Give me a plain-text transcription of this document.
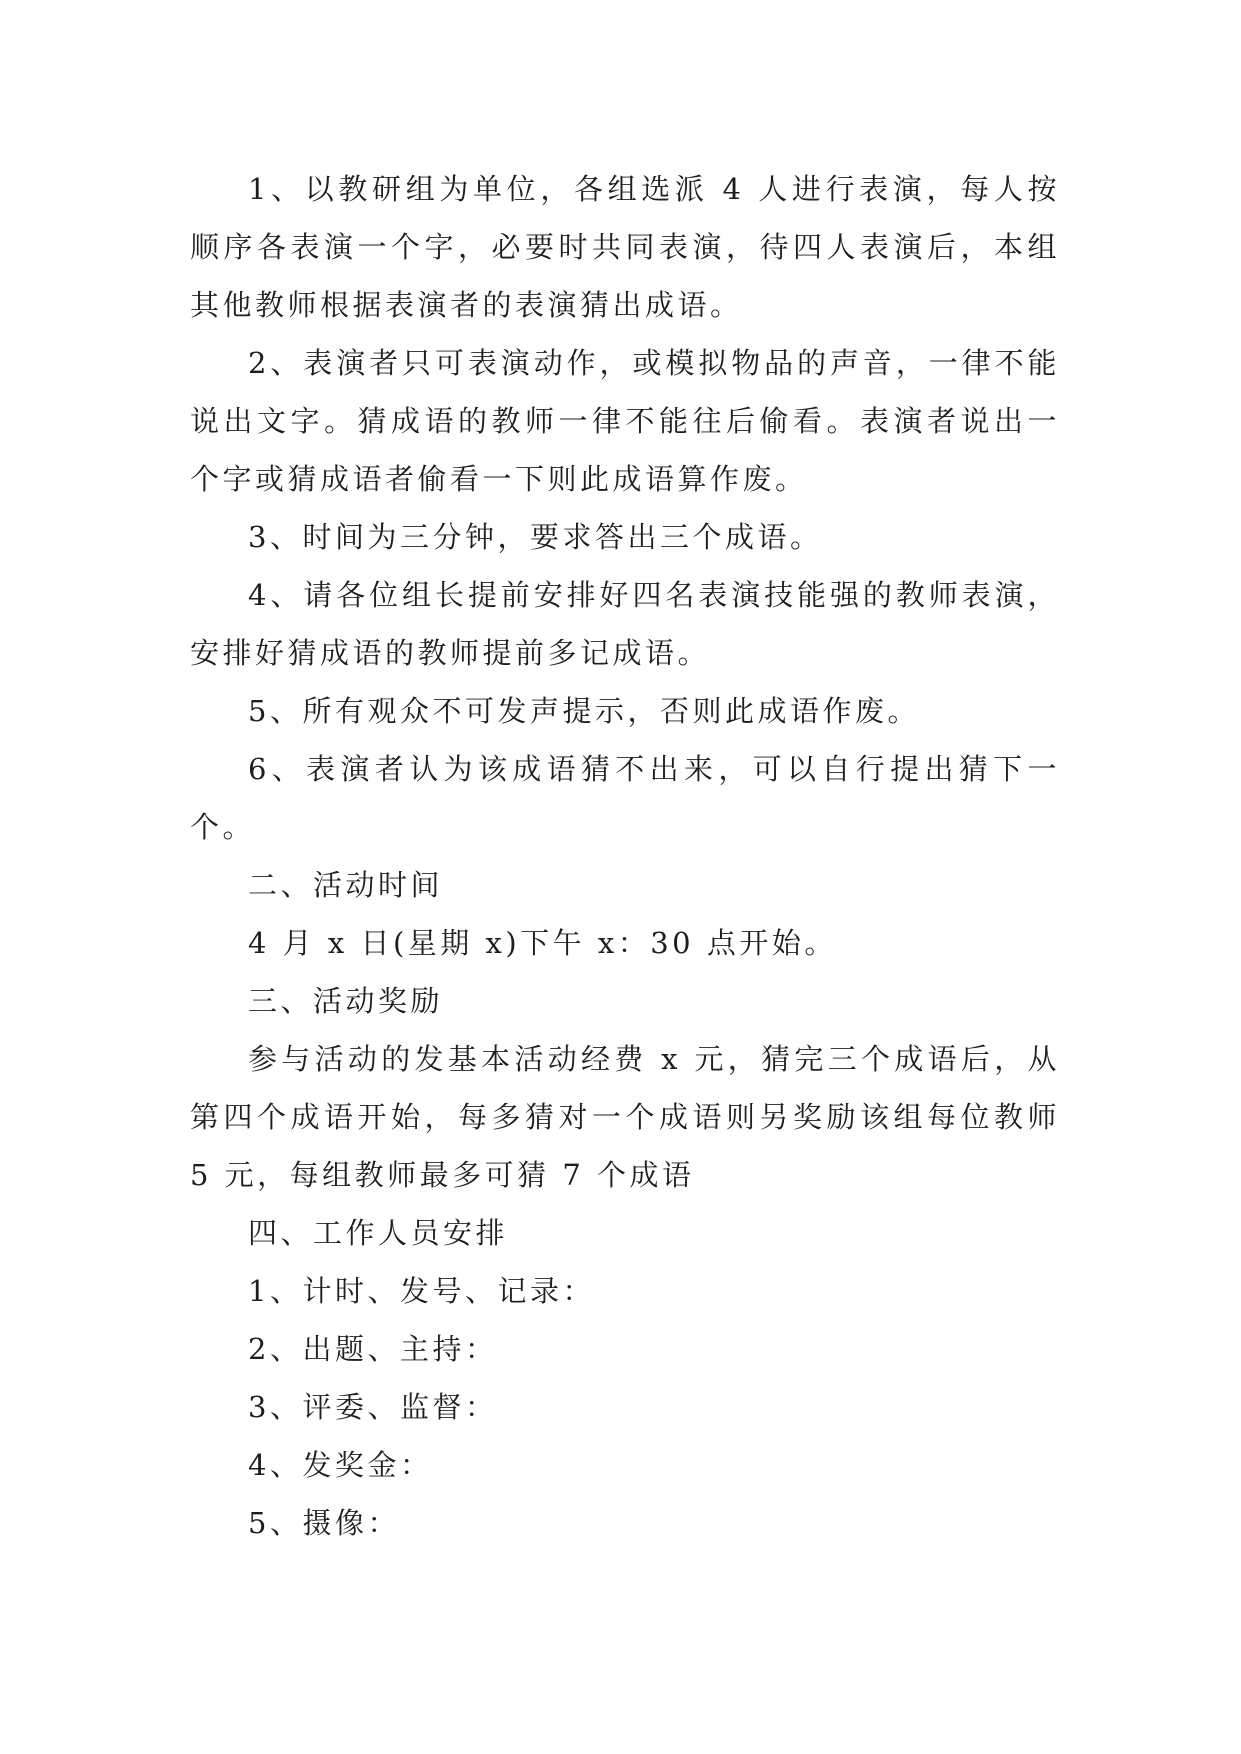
1、以教研组为单位，各组选派 4 人进行表演，每人按顺序各表演一个字，必要时共同表演，待四人表演后，本组其他教师根据表演者的表演猜出成语。

2、表演者只可表演动作，或模拟物品的声音，一律不能说出文字。猜成语的教师一律不能往后偷看。表演者说出一个字或猜成语者偷看一下则此成语算作废。

3、时间为三分钟，要求答出三个成语。

4、请各位组长提前安排好四名表演技能强的教师表演，安排好猜成语的教师提前多记成语。

5、所有观众不可发声提示，否则此成语作废。

6、表演者认为该成语猜不出来，可以自行提出猜下一个。

二、活动时间

4 月 x 日(星期 x)下午 x：30 点开始。

三、活动奖励

参与活动的发基本活动经费 x 元，猜完三个成语后，从第四个成语开始，每多猜对一个成语则另奖励该组每位教师 5 元，每组教师最多可猜 7 个成语

四、工作人员安排

1、计时、发号、记录：

2、出题、主持：

3、评委、监督：

4、发奖金：

5、摄像：
